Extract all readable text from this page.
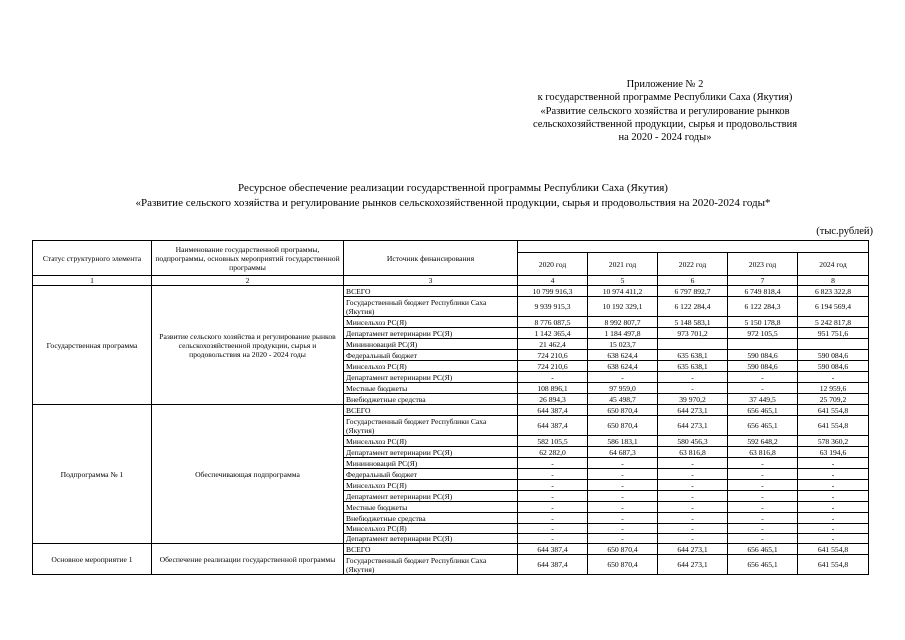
Приложение № 2
к государственной программе Республики Саха (Якутия)
«Развитие сельского хозяйства и регулирование рынков
сельскохозяйственной продукции, сырья и продовольствия
на 2020 - 2024 годы»
Ресурсное обеспечение реализации государственной программы Республики Саха (Якутия)
«Развитие сельского хозяйства и регулирование рынков сельскохозяйственной продукции, сырья и продовольствия на 2020-2024 годы*
(тыс.рублей)
Статус структурного элемента	Наименование государственной программы, подпрограммы, основных мероприятий государственной программы	Источник финансирования					
			2020 год	2021 год	2022 год	2023 год	2024 год
1	2	3	4	5	6	7	8
Государственная программа	Развитие сельского хозяйства и регулирование рынков сельскохозяйственной продукции, сырья и продовольствия на 2020 - 2024 годы	ВСЕГО	10 799 916,3	10 974 411,2	6 797 892,7	6 749 818,4	6 823 322,8
		Государственный бюджет Республики Саха (Якутия)	9 939 915,3	10 192 329,1	6 122 284,4	6 122 284,3	6 194 569,4
		Минсельхоз РС(Я)	8 776 087,5	8 992 807,7	5 148 583,1	5 150 178,8	5 242 817,8
		Департамент ветеринарии РС(Я)	1 142 365,4	1 184 497,8	973 701,2	972 105,5	951 751,6
		Мининноваций РС(Я)	21 462,4	15 023,7			
		Федеральный бюджет	724 210,6	638 624,4	635 638,1	590 084,6	590 084,6
		Минсельхоз РС(Я)	724 210,6	638 624,4	635 638,1	590 084,6	590 084,6
		Департамент ветеринарии РС(Я)	-	-	-	-	-
		Местные бюджеты	108 896,1	97 959,0	-	-	12 959,6
		Внебюджетные средства	26 894,3	45 498,7	39 970,2	37 449,5	25 709,2
Подпрограмма № 1	Обеспечивающая подпрограмма	ВСЕГО	644 387,4	650 870,4	644 273,1	656 465,1	641 554,8
		Государственный бюджет Республики Саха (Якутия)	644 387,4	650 870,4	644 273,1	656 465,1	641 554,8
		Минсельхоз РС(Я)	582 105,5	586 183,1	580 456,3	592 648,2	578 360,2
		Департамент ветеринарии РС(Я)	62 282,0	64 687,3	63 816,8	63 816,8	63 194,6
		Мининноваций РС(Я)	-	-	-	-	-
		Федеральный бюджет	-	-	-	-	-
		Минсельхоз РС(Я)	-	-	-	-	-
		Департамент ветеринарии РС(Я)	-	-	-	-	-
		Местные бюджеты	-	-	-	-	-
		Внебюджетные средства	-	-	-	-	-
		Минсельхоз РС(Я)	-	-	-	-	-
		Департамент ветеринарии РС(Я)	-	-	-	-	-
Основное мероприятие 1	Обеспечение реализации государственной программы	ВСЕГО	644 387,4	650 870,4	644 273,1	656 465,1	641 554,8
		Государственный бюджет Республики Саха (Якутия)	644 387,4	650 870,4	644 273,1	656 465,1	641 554,8
